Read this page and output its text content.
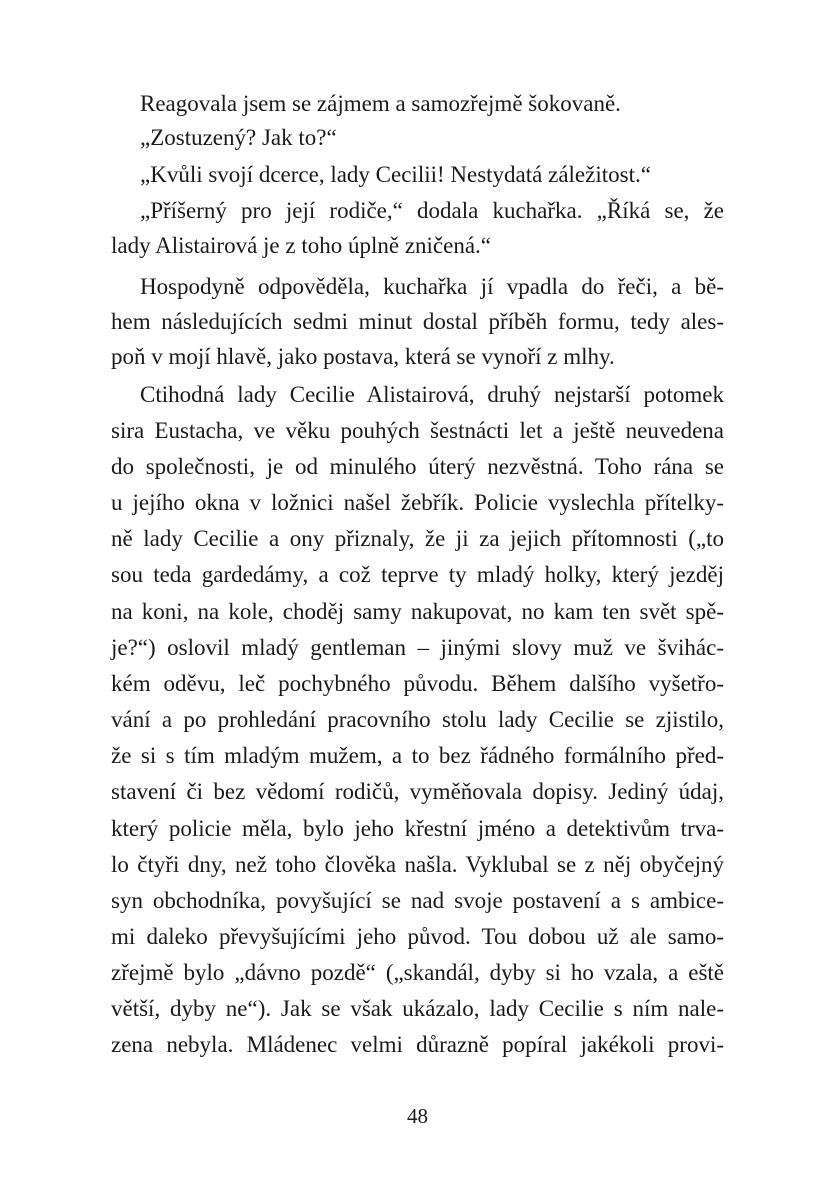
Reagovala jsem se zájmem a samozřejmě šokovaně.
„Zostuzený? Jak to?“
„Kvůli svojí dcerce, lady Cecilii! Nestydatá záležitost.“
„Příšerný pro její rodiče,“ dodala kuchařka. „Říká se, že
lady Alistairová je z toho úplně zničená.“
Hospodyně odpověděla, kuchařka jí vpadla do řeči, a bě-
hem následujících sedmi minut dostal příběh formu, tedy ales-
poň v mojí hlavě, jako postava, která se vynoří z mlhy.
Ctihodná lady Cecilie Alistairová, druhý nejstarší potomek
sira Eustacha, ve věku pouhých šestnácti let a ještě neuvedena
do společnosti, je od minulého úterý nezvěstná. Toho rána se
u jejího okna v ložnici našel žebřík. Policie vyslechla přítelky-
ně lady Cecilie a ony přiznaly, že ji za jejich přítomnosti („to
sou teda gardedámy, a což teprve ty mladý holky, který jezděj
na koni, na kole, choděj samy nakupovat, no kam ten svět spě-
je?“) oslovil mladý gentleman – jinými slovy muž ve švihác-
kém oděvu, leč pochybného původu. Během dalšího vyšetřo-
vání a po prohledání pracovního stolu lady Cecilie se zjistilo,
že si s tím mladým mužem, a to bez řádného formálního před-
stavení či bez vědomí rodičů, vyměňovala dopisy. Jediný údaj,
který policie měla, bylo jeho křestní jméno a detektivům trva-
lo čtyři dny, než toho člověka našla. Vyklubal se z něj obyčejný
syn obchodníka, povyšující se nad svoje postavení a s ambice-
mi daleko převyšujícími jeho původ. Tou dobou už ale samo-
zřejmě bylo „dávno pozdě“ („skandál, dyby si ho vzala, a eště
větší, dyby ne“). Jak se však ukázalo, lady Cecilie s ním nale-
zena nebyla. Mládenec velmi důrazně popíral jakékoli provi-
48
